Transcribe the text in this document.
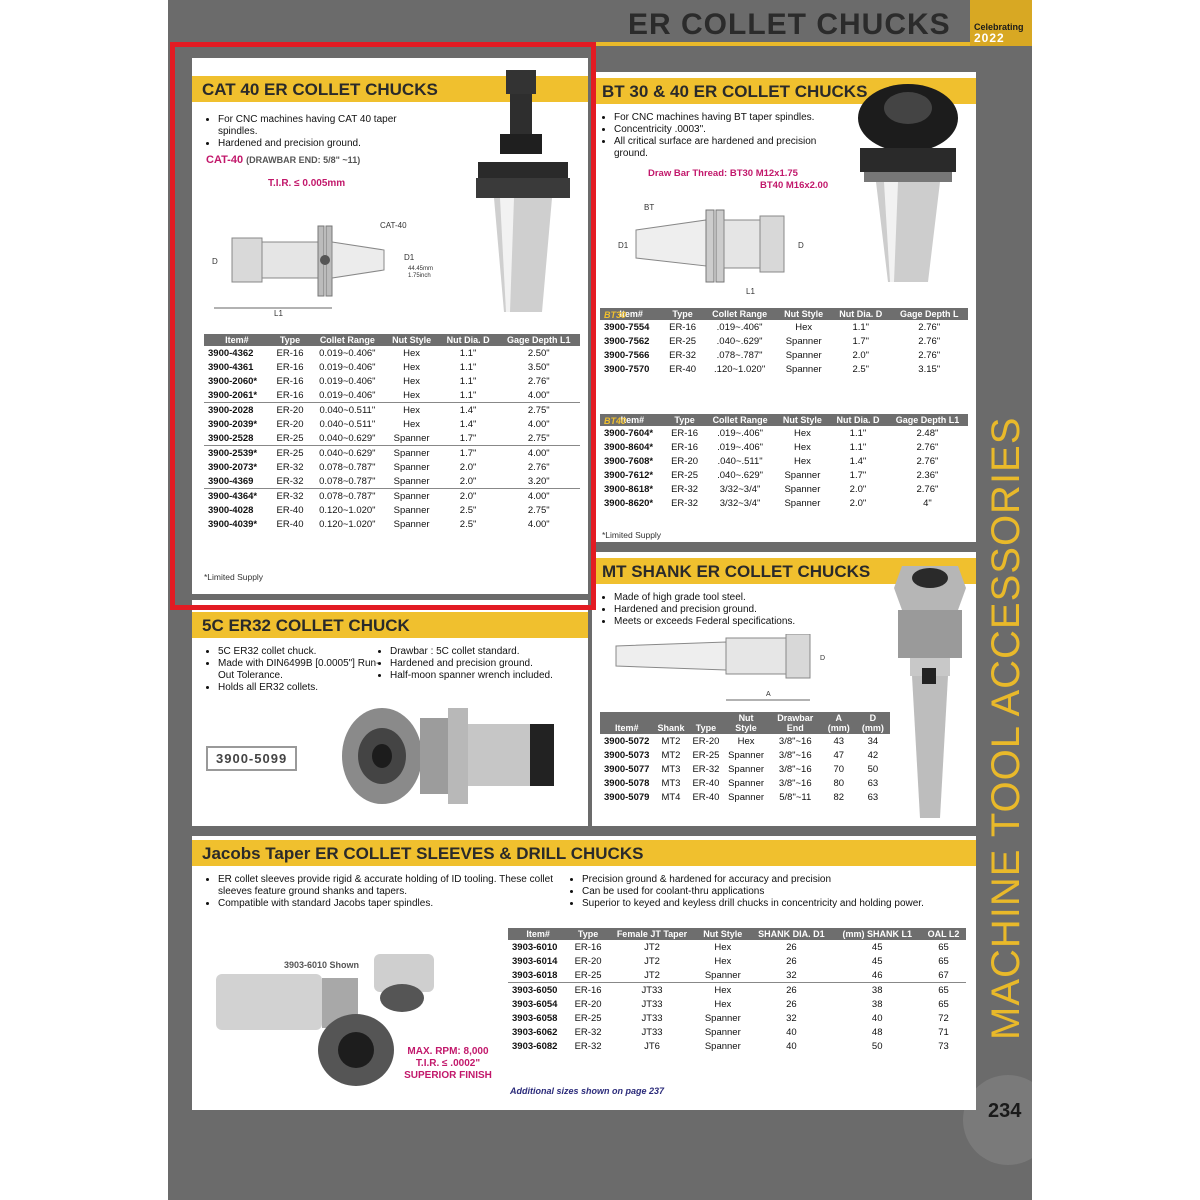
ER COLLET CHUCKS	Celebrating
2022
MACHINE TOOL ACCESSORIES
234
CAT 40 ER COLLET CHUCKS
• For CNC machines having CAT 40 taper spindles.
• Hardened and precision ground.
CAT-40 (DRAWBAR END: 5/8" ~11)
T.I.R. ≤ 0.005mm
D
CAT-40
D1
44.45mm
1.75inch
L1
Item#	Type	Collet Range	Nut Style	Nut Dia. D	Gage Depth L1
3900-4362	ER-16	0.019~0.406"	Hex	1.1"	2.50"
3900-4361	ER-16	0.019~0.406"	Hex	1.1"	3.50"
3900-2060*	ER-16	0.019~0.406"	Hex	1.1"	2.76"
3900-2061*	ER-16	0.019~0.406"	Hex	1.1"	4.00"
3900-2028	ER-20	0.040~0.511"	Hex	1.4"	2.75"
3900-2039*	ER-20	0.040~0.511"	Hex	1.4"	4.00"
3900-2528	ER-25	0.040~0.629"	Spanner	1.7"	2.75"
3900-2539*	ER-25	0.040~0.629"	Spanner	1.7"	4.00"
3900-2073*	ER-32	0.078~0.787"	Spanner	2.0"	2.76"
3900-4369	ER-32	0.078~0.787"	Spanner	2.0"	3.20"
3900-4364*	ER-32	0.078~0.787"	Spanner	2.0"	4.00"
3900-4028	ER-40	0.120~1.020"	Spanner	2.5"	2.75"
3900-4039*	ER-40	0.120~1.020"	Spanner	2.5"	4.00"
*Limited Supply
BT 30 & 40 ER COLLET CHUCKS
• For CNC machines having BT taper spindles.
• Concentricity .0003".
• All critical surface are hardened and precision ground.
Draw Bar Thread: BT30 M12x1.75
BT40 M16x2.00
BT
D1	D
L1
Item#	Type	Collet Range	Nut Style	Nut Dia. D	Gage Depth L
3900-7554	ER-16	.019~.406"	Hex	1.1"	2.76"
3900-7562	ER-25	.040~.629"	Spanner	1.7"	2.76"
3900-7566	ER-32	.078~.787"	Spanner	2.0"	2.76"
3900-7570	ER-40	.120~1.020"	Spanner	2.5"	3.15"
BT30
Item#	Type	Collet Range	Nut Style	Nut Dia. D	Gage Depth L1
3900-7604*	ER-16	.019~.406"	Hex	1.1"	2.48"
3900-8604*	ER-16	.019~.406"	Hex	1.1"	2.76"
3900-7608*	ER-20	.040~.511"	Hex	1.4"	2.76"
3900-7612*	ER-25	.040~.629"	Spanner	1.7"	2.36"
3900-8618*	ER-32	3/32~3/4"	Spanner	2.0"	2.76"
3900-8620*	ER-32	3/32~3/4"	Spanner	2.0"	4"
BT40
*Limited Supply
5C ER32 COLLET CHUCK
• 5C ER32 collet chuck.
• Made with DIN6499B [0.0005"] Run-Out Tolerance.
• Holds all ER32 collets.
• Drawbar : 5C collet standard.
• Hardened and precision ground.
• Half-moon spanner wrench included.
3900-5099
MT SHANK ER COLLET CHUCKS
• Made of high grade tool steel.
• Hardened and precision ground.
• Meets or exceeds Federal specifications.
A
D
Item#	Shank	Type	Nut Style	Drawbar End	A (mm)	D (mm)
3900-5072	MT2	ER-20	Hex	3/8"~16	43	34
3900-5073	MT2	ER-25	Spanner	3/8"~16	47	42
3900-5077	MT3	ER-32	Spanner	3/8"~16	70	50
3900-5078	MT3	ER-40	Spanner	3/8"~16	80	63
3900-5079	MT4	ER-40	Spanner	5/8"~11	82	63
Jacobs Taper ER COLLET SLEEVES & DRILL CHUCKS
• ER collet sleeves provide rigid & accurate holding of ID tooling. These collet sleeves feature ground shanks and tapers.
• Compatible with standard Jacobs taper spindles.
• Precision ground & hardened for accuracy and precision
• Can be used for coolant-thru applications
• Superior to keyed and keyless drill chucks in concentricity and holding power.
3903-6010 Shown
MAX. RPM: 8,000
T.I.R. ≤ .0002"
SUPERIOR FINISH
Item#	Type	Female JT Taper	Nut Style	SHANK DIA. D1	(mm) SHANK L1	OAL L2
3903-6010	ER-16	JT2	Hex	26	45	65
3903-6014	ER-20	JT2	Hex	26	45	65
3903-6018	ER-25	JT2	Spanner	32	46	67
3903-6050	ER-16	JT33	Hex	26	38	65
3903-6054	ER-20	JT33	Hex	26	38	65
3903-6058	ER-25	JT33	Spanner	32	40	72
3903-6062	ER-32	JT33	Spanner	40	48	71
3903-6082	ER-32	JT6	Spanner	40	50	73
Additional sizes shown on page 237
